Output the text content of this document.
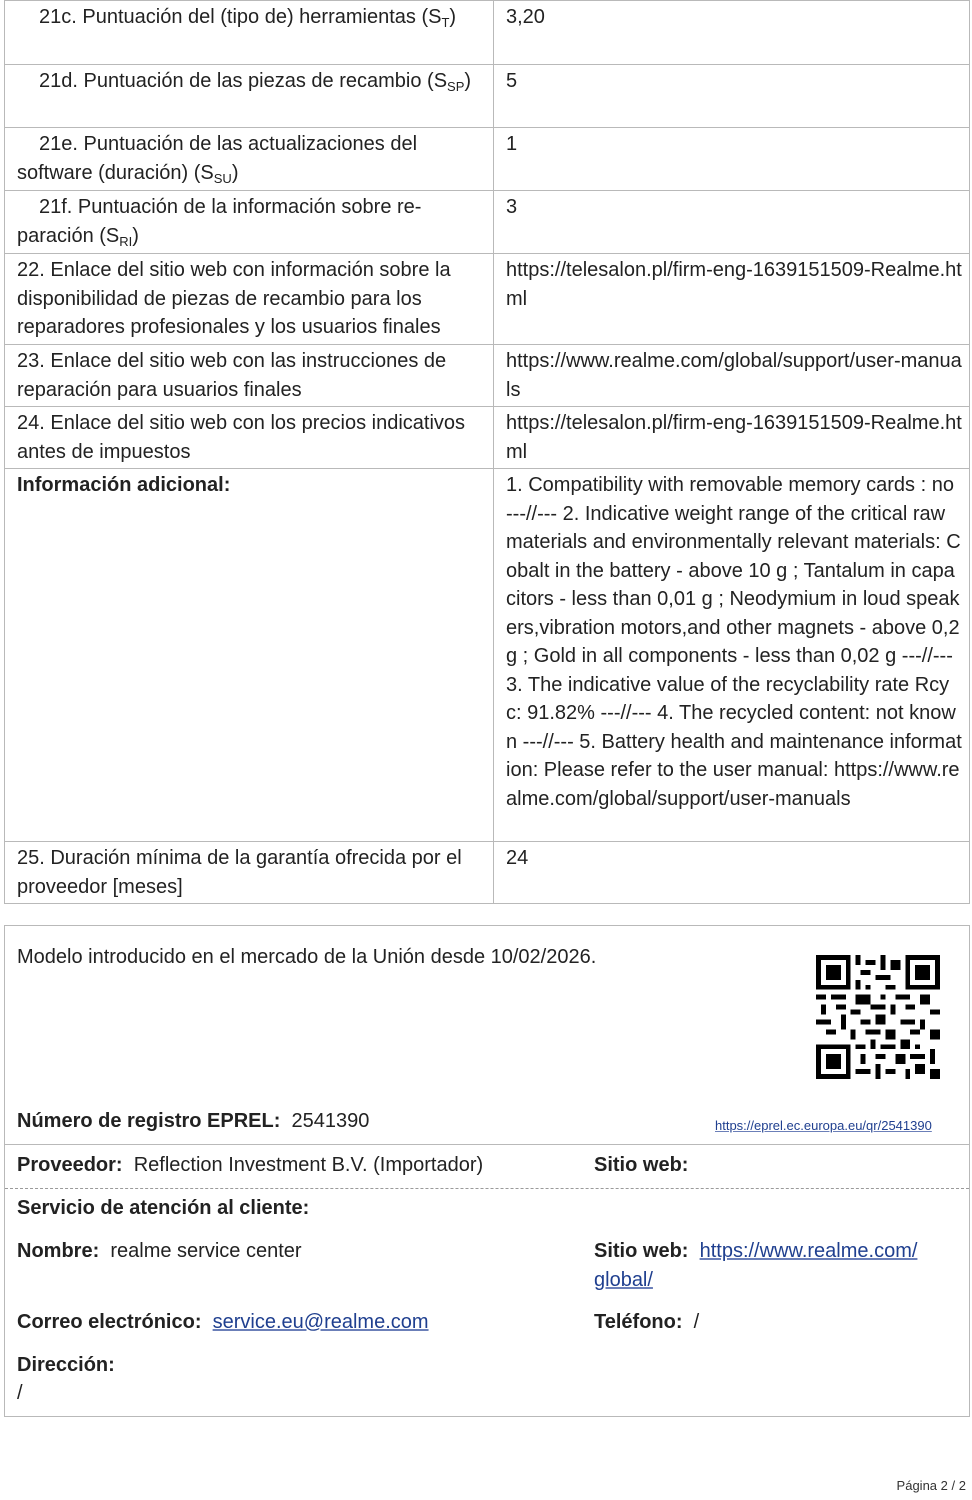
21c. Puntuación del (tipo de) herramientas $(S_T)$	3,20
21d. Puntuación de las piezas de recambio $(S_{SP})$	5
21e. Puntuación de las actualizaciones del software (duración) $(S_{SU})$	1
21f. Puntuación de la información sobre re-paración $(S_{RI})$	3
22. Enlace del sitio web con información sobre la disponibilidad de piezas de recambio para los reparadores profesionales y los usuarios finales	https://telesalon.pl/firm-eng-1639151509-Realme.html
23. Enlace del sitio web con las instrucciones de reparación para usuarios finales	https://www.realme.com/global/support/user-manuals
24. Enlace del sitio web con los precios indicativos antes de impuestos	https://telesalon.pl/firm-eng-1639151509-Realme.html
Información adicional:	1. Compatibility with removable memory cards : no ---//--- 2. Indicative weight range of the critical raw materials and environmentally relevant materials: Cobalt in the battery - above 10 g ; Tantalum in capacitors - less than 0,01 g ; Neodymium in loud speakers,vibration motors,and other magnets - above 0,2 g ; Gold in all components - less than 0,02 g ---//--- 3. The indicative value of the recyclability rate Rcyc: 91.82% ---//--- 4. The recycled content: not known ---//--- 5. Battery health and maintenance information: Please refer to the user manual: https://www.realme.com/global/support/user-manuals
25. Duración mínima de la garantía ofrecida por el proveedor [meses]	24
Modelo introducido en el mercado de la Unión desde 10/02/2026.
Número de registro EPREL: 2541390	https://eprel.ec.europa.eu/qr/2541390
Proveedor: Reflection Investment B.V. (Importador)	Sitio web:
Servicio de atención al cliente:
Nombre: realme service center	Sitio web: https://www.realme.com/
global/
Correo electrónico: service.eu@realme.com	Teléfono: /
Dirección:
/
Página 2 / 2
